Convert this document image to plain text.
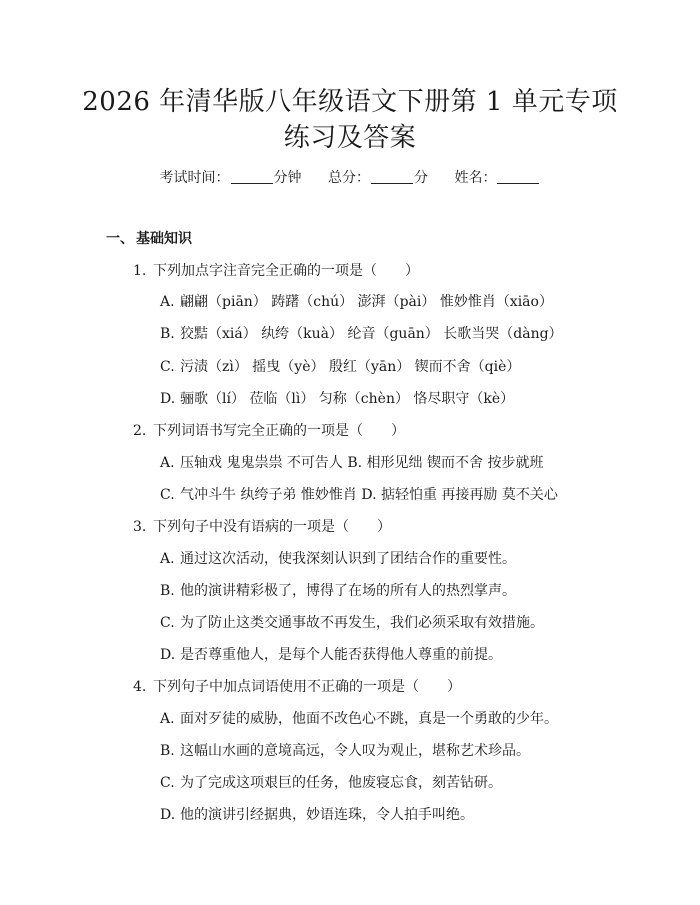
2026 年清华版八年级语文下册第 1 单元专项
练习及答案
考试时间：	分钟 总分：	分 姓名：
一、 基础知识
1. 下列加点字注音完全正确的一项是（　　）
A. 翩翩（piān） 踌躇（chú） 澎湃（pài） 惟妙惟肖（xiāo）
B. 狡黠（xiá） 纨绔（kuà） 纶音（guān） 长歌当哭（dàng）
C. 污渍（zì） 摇曳（yè） 殷红（yān） 锲而不舍（qiè）
D. 骊歌（lí） 莅临（lì） 匀称（chèn） 恪尽职守（kè）
2. 下列词语书写完全正确的一项是（　　）
A. 压轴戏 鬼鬼祟祟 不可告人 B. 相形见绌 锲而不舍 按步就班
C. 气冲斗牛 纨绔子弟 惟妙惟肖 D. 掂轻怕重 再接再励 莫不关心
3. 下列句子中没有语病的一项是（　　）
A. 通过这次活动，使我深刻认识到了团结合作的重要性。
B. 他的演讲精彩极了，博得了在场的所有人的热烈掌声。
C. 为了防止这类交通事故不再发生，我们必须采取有效措施。
D. 是否尊重他人，是每个人能否获得他人尊重的前提。
4. 下列句子中加点词语使用不正确的一项是（　　）
A. 面对歹徒的威胁，他面不改色心不跳，真是一个勇敢的少年。
B. 这幅山水画的意境高远，令人叹为观止，堪称艺术珍品。
C. 为了完成这项艰巨的任务，他废寝忘食，刻苦钻研。
D. 他的演讲引经据典，妙语连珠，令人拍手叫绝。
